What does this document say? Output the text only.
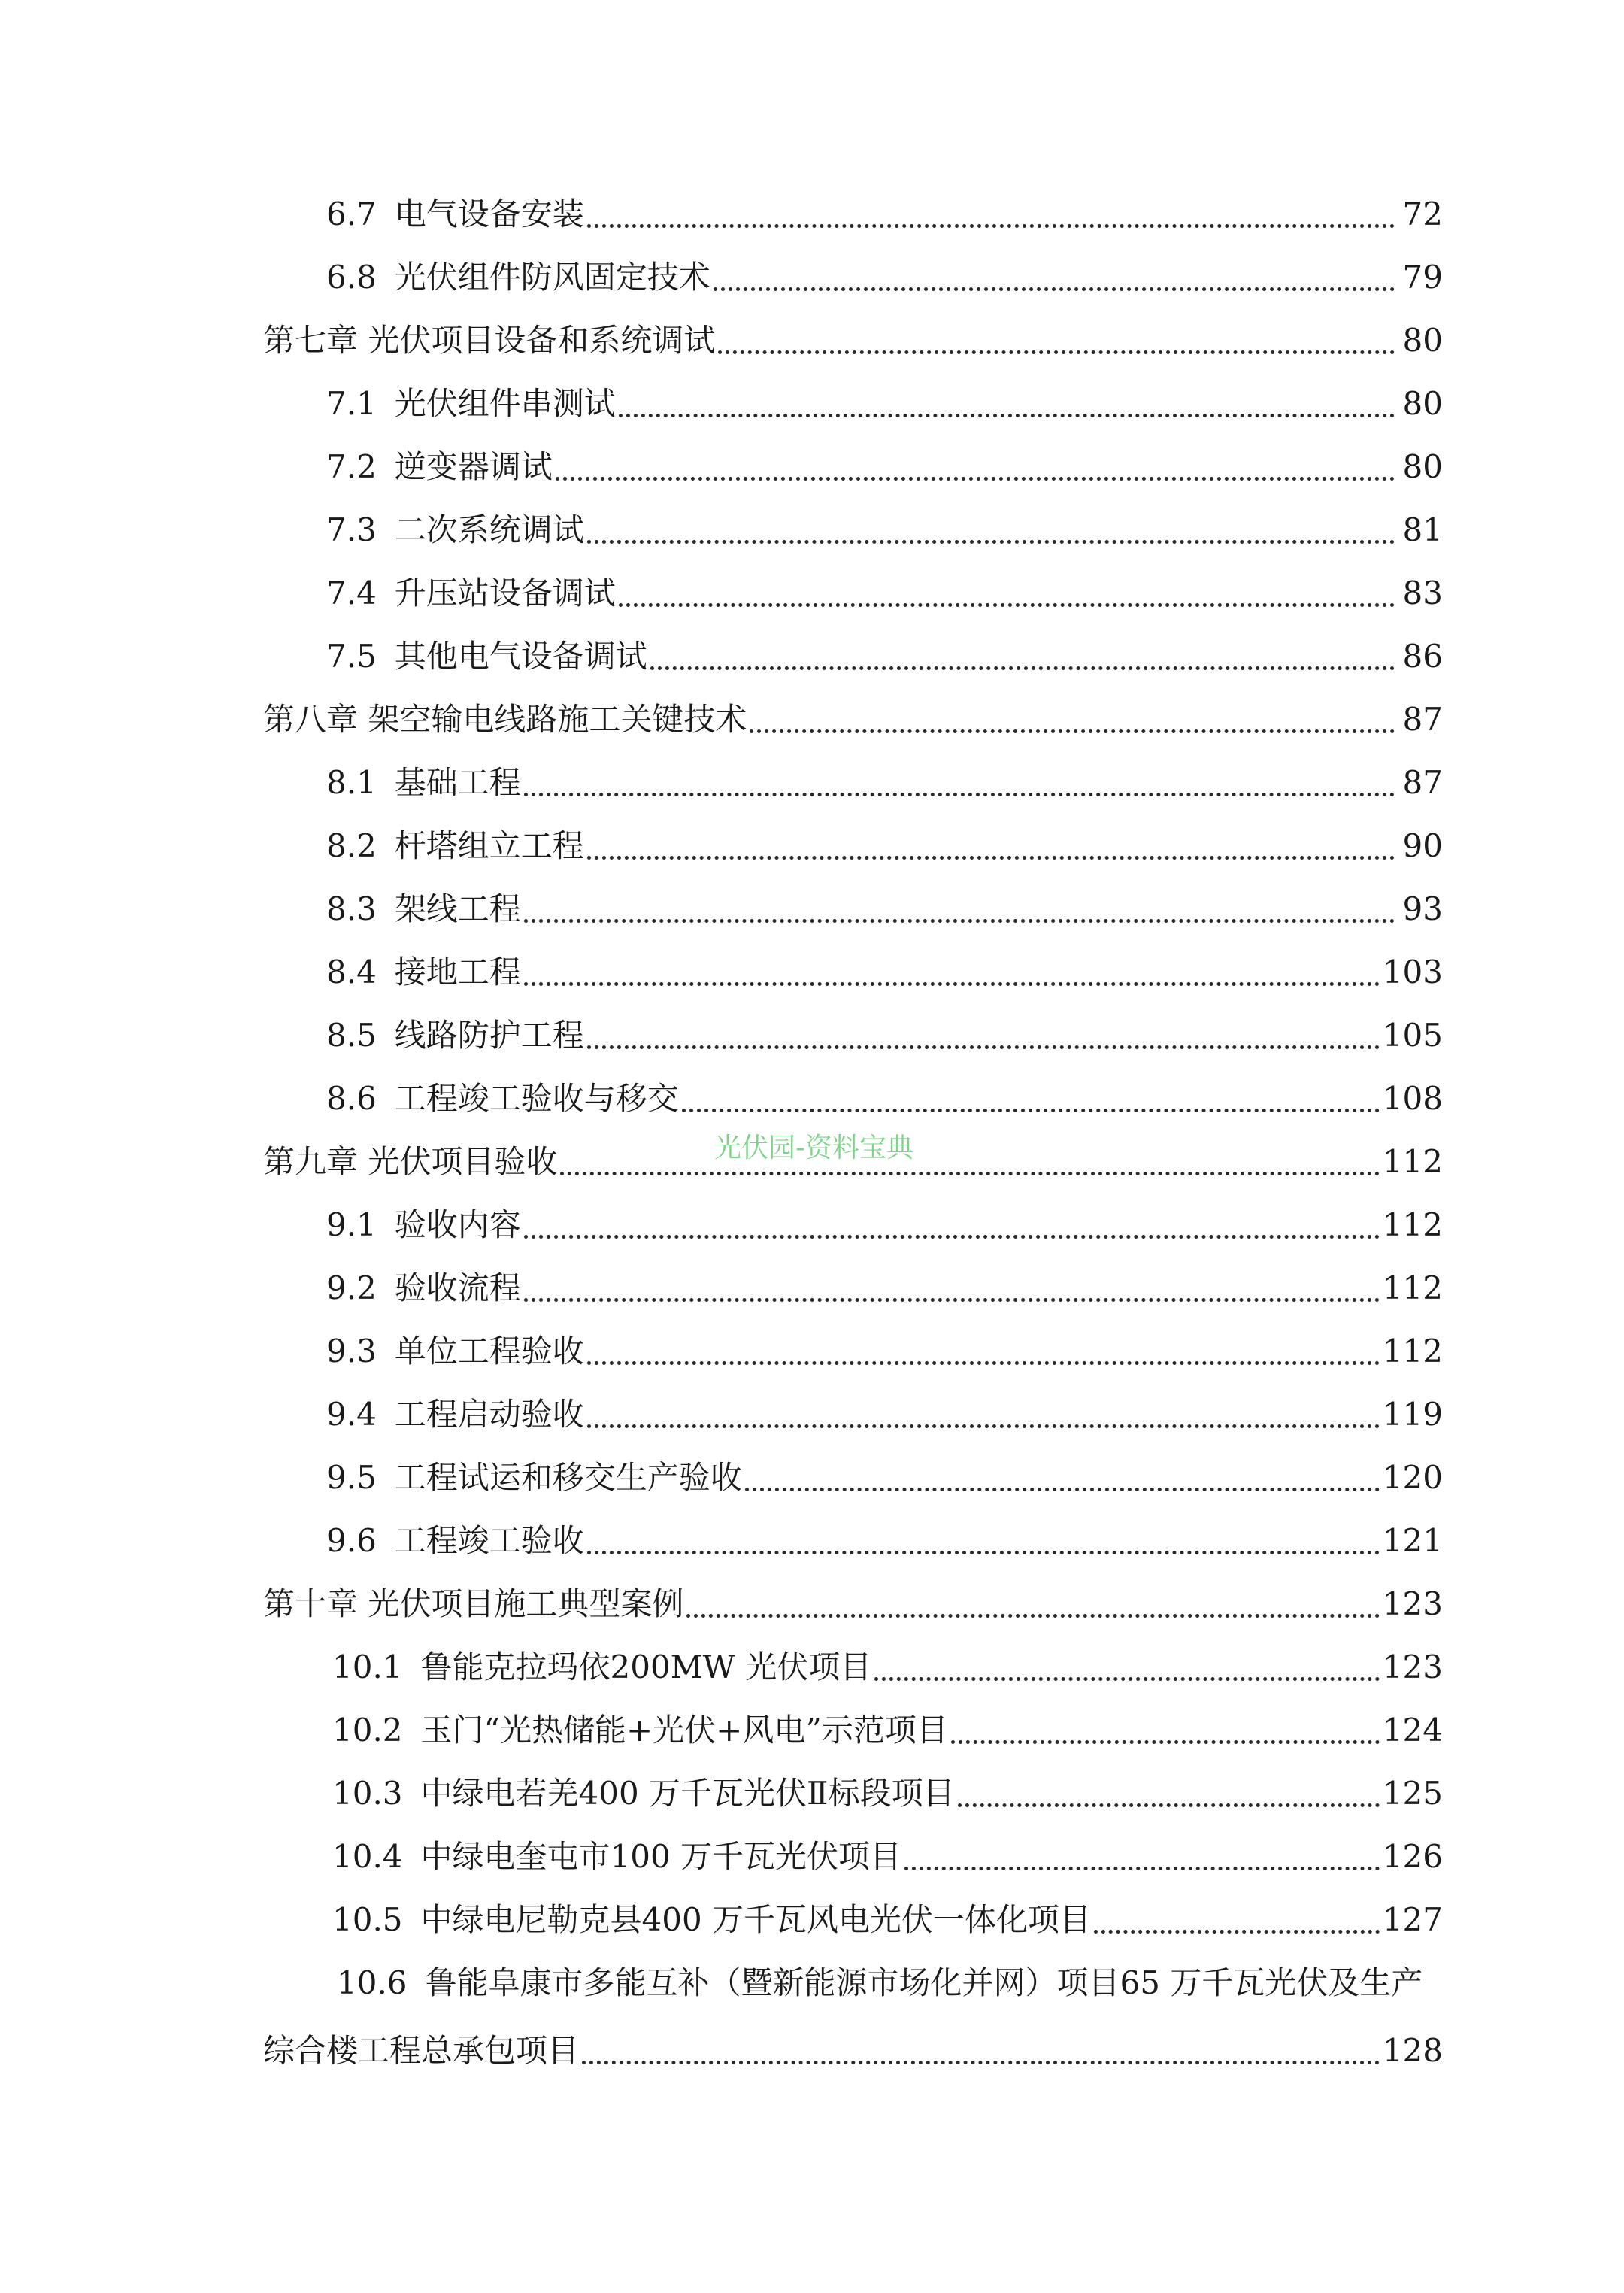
6.7 电气设备安装	72
6.8 光伏组件防风固定技术	79
第七章 光伏项目设备和系统调试	80
7.1 光伏组件串测试	80
7.2 逆变器调试	80
7.3 二次系统调试	81
7.4 升压站设备调试	83
7.5 其他电气设备调试	86
第八章 架空输电线路施工关键技术	87
8.1 基础工程	87
8.2 杆塔组立工程	90
8.3 架线工程	93
8.4 接地工程	103
8.5 线路防护工程	105
8.6 工程竣工验收与移交	108
第九章 光伏项目验收	112
9.1 验收内容	112
9.2 验收流程	112
9.3 单位工程验收	112
9.4 工程启动验收	119
9.5 工程试运和移交生产验收	120
9.6 工程竣工验收	121
第十章 光伏项目施工典型案例	123
10.1 鲁能克拉玛依200MW 光伏项目	123
10.2 玉门“光热储能+光伏+风电”示范项目	124
10.3 中绿电若羌400 万千瓦光伏Ⅱ标段项目	125
10.4 中绿电奎屯市100 万千瓦光伏项目	126
10.5 中绿电尼勒克县400 万千瓦风电光伏一体化项目	127
10.6 鲁能阜康市多能互补（暨新能源市场化并网）项目65 万千瓦光伏及生产
综合楼工程总承包项目	128
光伏园-资料宝典
